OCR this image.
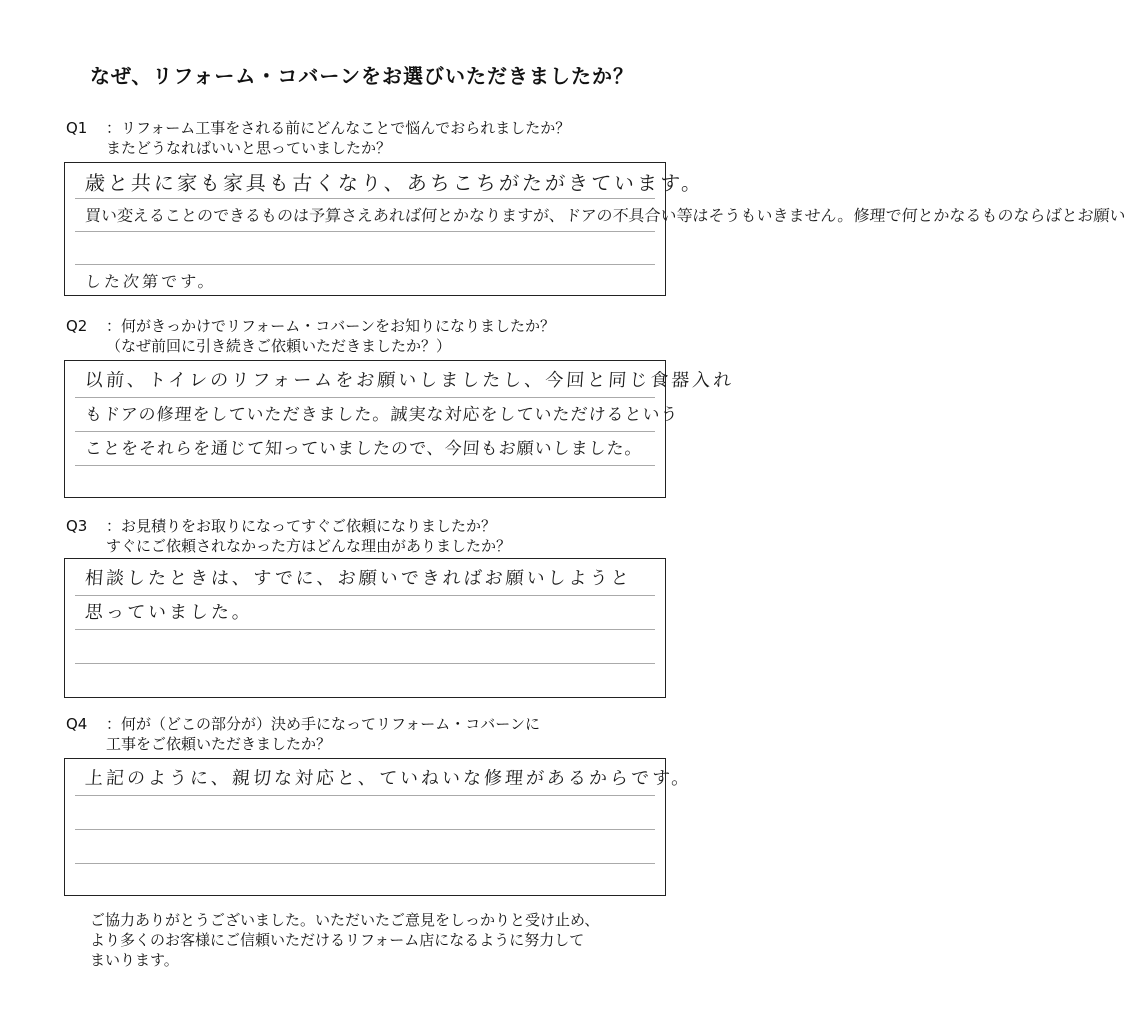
なぜ、リフォーム・コバーンをお選びいただきましたか？
Q1 ：リフォーム工事をされる前にどんなことで悩んでおられましたか？
またどうなればいいと思っていましたか？
歳と共に家も家具も古くなり、あちこちがたがきています。
買い変えることのできるものは予算さえあれば何とかなりますが、ドアの不具合い等はそうもいきません。修理で何とかなるものならばとお願い
した次第です。
Q2 ：何がきっかけでリフォーム・コバーンをお知りになりましたか？
（なぜ前回に引き続きご依頼いただきましたか？）
以前、トイレのリフォームをお願いしましたし、今回と同じ食器入れ
もドアの修理をしていただきました。誠実な対応をしていただけるという
ことをそれらを通じて知っていましたので、今回もお願いしました。
Q3 ：お見積りをお取りになってすぐご依頼になりましたか？
すぐにご依頼されなかった方はどんな理由がありましたか？
相談したときは、すでに、お願いできればお願いしようと
思っていました。
Q4 ：何が（どこの部分が）決め手になってリフォーム・コバーンに
工事をご依頼いただきましたか？
上記のように、親切な対応と、ていねいな修理があるからです。
ご協力ありがとうございました。いただいたご意見をしっかりと受け止め、
より多くのお客様にご信頼いただけるリフォーム店になるように努力して
まいります。
